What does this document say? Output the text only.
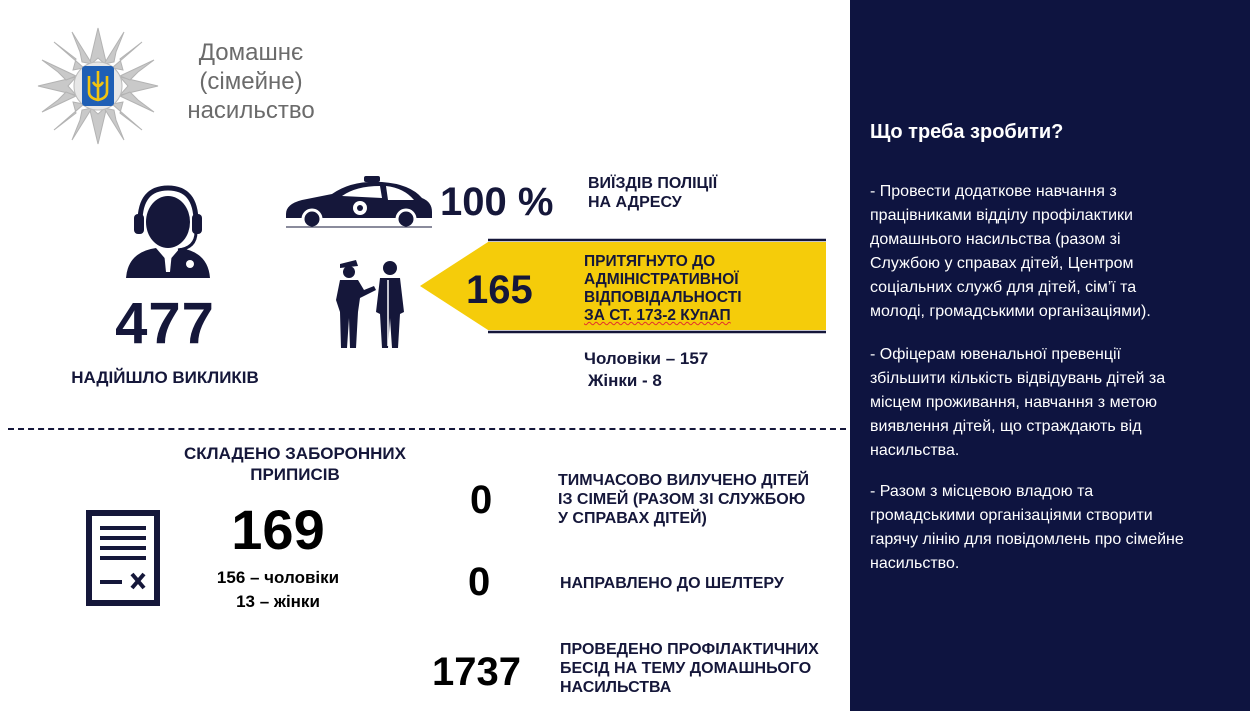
Домашнє
(сімейне)
насильство
477
НАДІЙШЛО ВИКЛИКІВ
100 % ВИЇЗДІВ ПОЛІЦІЇ
НА АДРЕСУ
165
ПРИТЯГНУТО ДО
АДМІНІСТРАТИВНОЇ
ВІДПОВІДАЛЬНОСТІ
ЗА СТ. 173-2 КУпАП
Чоловіки – 157
Жінки - 8
СКЛАДЕНО ЗАБОРОННИХ
ПРИПИСІВ
169
156 – чоловіки
13 – жінки
0	ТИМЧАСОВО ВИЛУЧЕНО ДІТЕЙ
ІЗ СІМЕЙ (РАЗОМ ЗІ СЛУЖБОЮ
У СПРАВАХ ДІТЕЙ)
0	НАПРАВЛЕНО ДО ШЕЛТЕРУ
1737
ПРОВЕДЕНО ПРОФІЛАКТИЧНИХ
БЕСІД НА ТЕМУ ДОМАШНЬОГО
НАСИЛЬСТВА
Що треба зробити?
- Провести додаткове навчання з
працівниками відділу профілактики
домашнього насильства (разом зі
Службою у справах дітей, Центром
соціальних служб для дітей, сім’ї та
молоді, громадськими організаціями).
- Офіцерам ювенальної превенції
збільшити кількість відвідувань дітей за
місцем проживання, навчання з метою
виявлення дітей, що страждають від
насильства.
- Разом з місцевою владою та
громадськими організаціями створити
гарячу лінію для повідомлень про сімейне
насильство.
